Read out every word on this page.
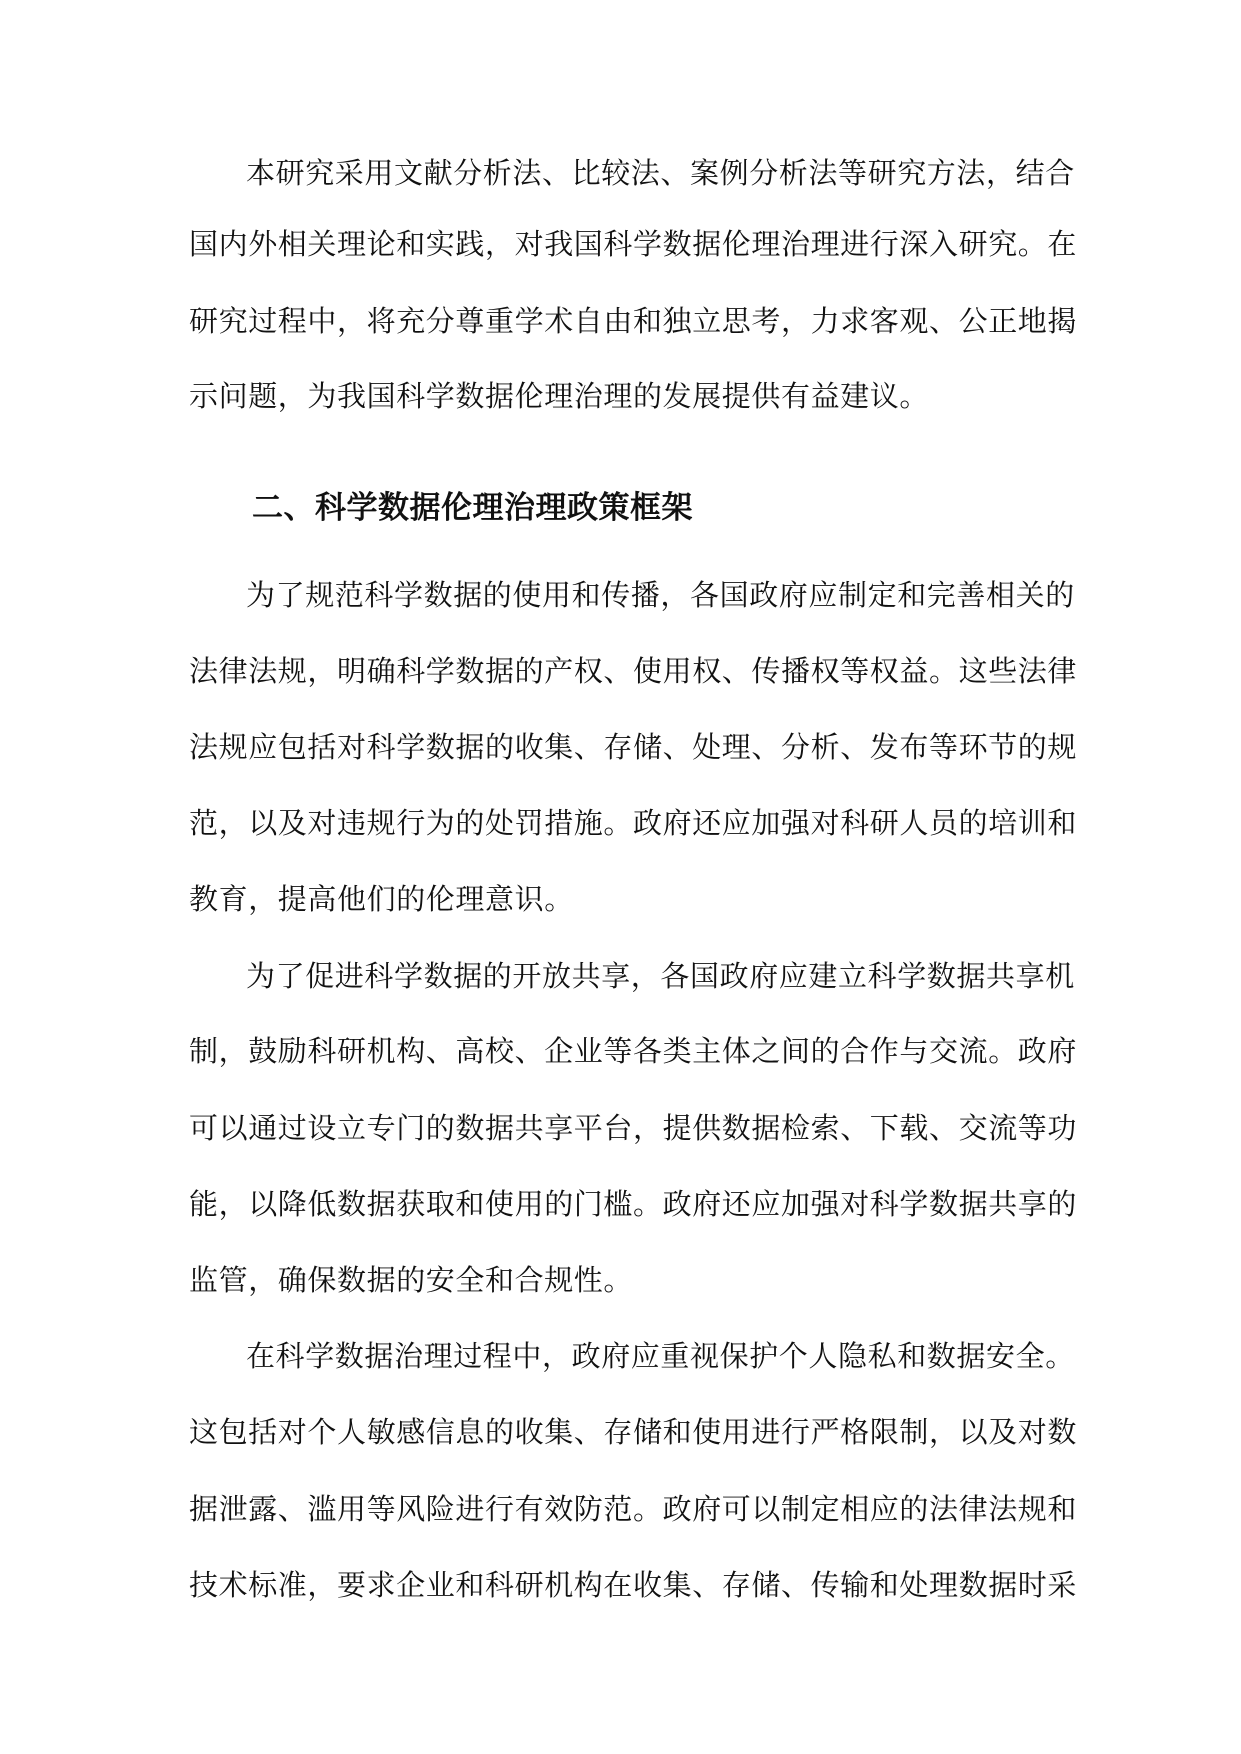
本研究采用文献分析法、比较法、案例分析法等研究方法，结合
国内外相关理论和实践，对我国科学数据伦理治理进行深入研究。在
研究过程中，将充分尊重学术自由和独立思考，力求客观、公正地揭
示问题，为我国科学数据伦理治理的发展提供有益建议。
二、科学数据伦理治理政策框架
为了规范科学数据的使用和传播，各国政府应制定和完善相关的
法律法规，明确科学数据的产权、使用权、传播权等权益。这些法律
法规应包括对科学数据的收集、存储、处理、分析、发布等环节的规
范，以及对违规行为的处罚措施。政府还应加强对科研人员的培训和
教育，提高他们的伦理意识。
为了促进科学数据的开放共享，各国政府应建立科学数据共享机
制，鼓励科研机构、高校、企业等各类主体之间的合作与交流。政府
可以通过设立专门的数据共享平台，提供数据检索、下载、交流等功
能，以降低数据获取和使用的门槛。政府还应加强对科学数据共享的
监管，确保数据的安全和合规性。
在科学数据治理过程中，政府应重视保护个人隐私和数据安全。
这包括对个人敏感信息的收集、存储和使用进行严格限制，以及对数
据泄露、滥用等风险进行有效防范。政府可以制定相应的法律法规和
技术标准，要求企业和科研机构在收集、存储、传输和处理数据时采
